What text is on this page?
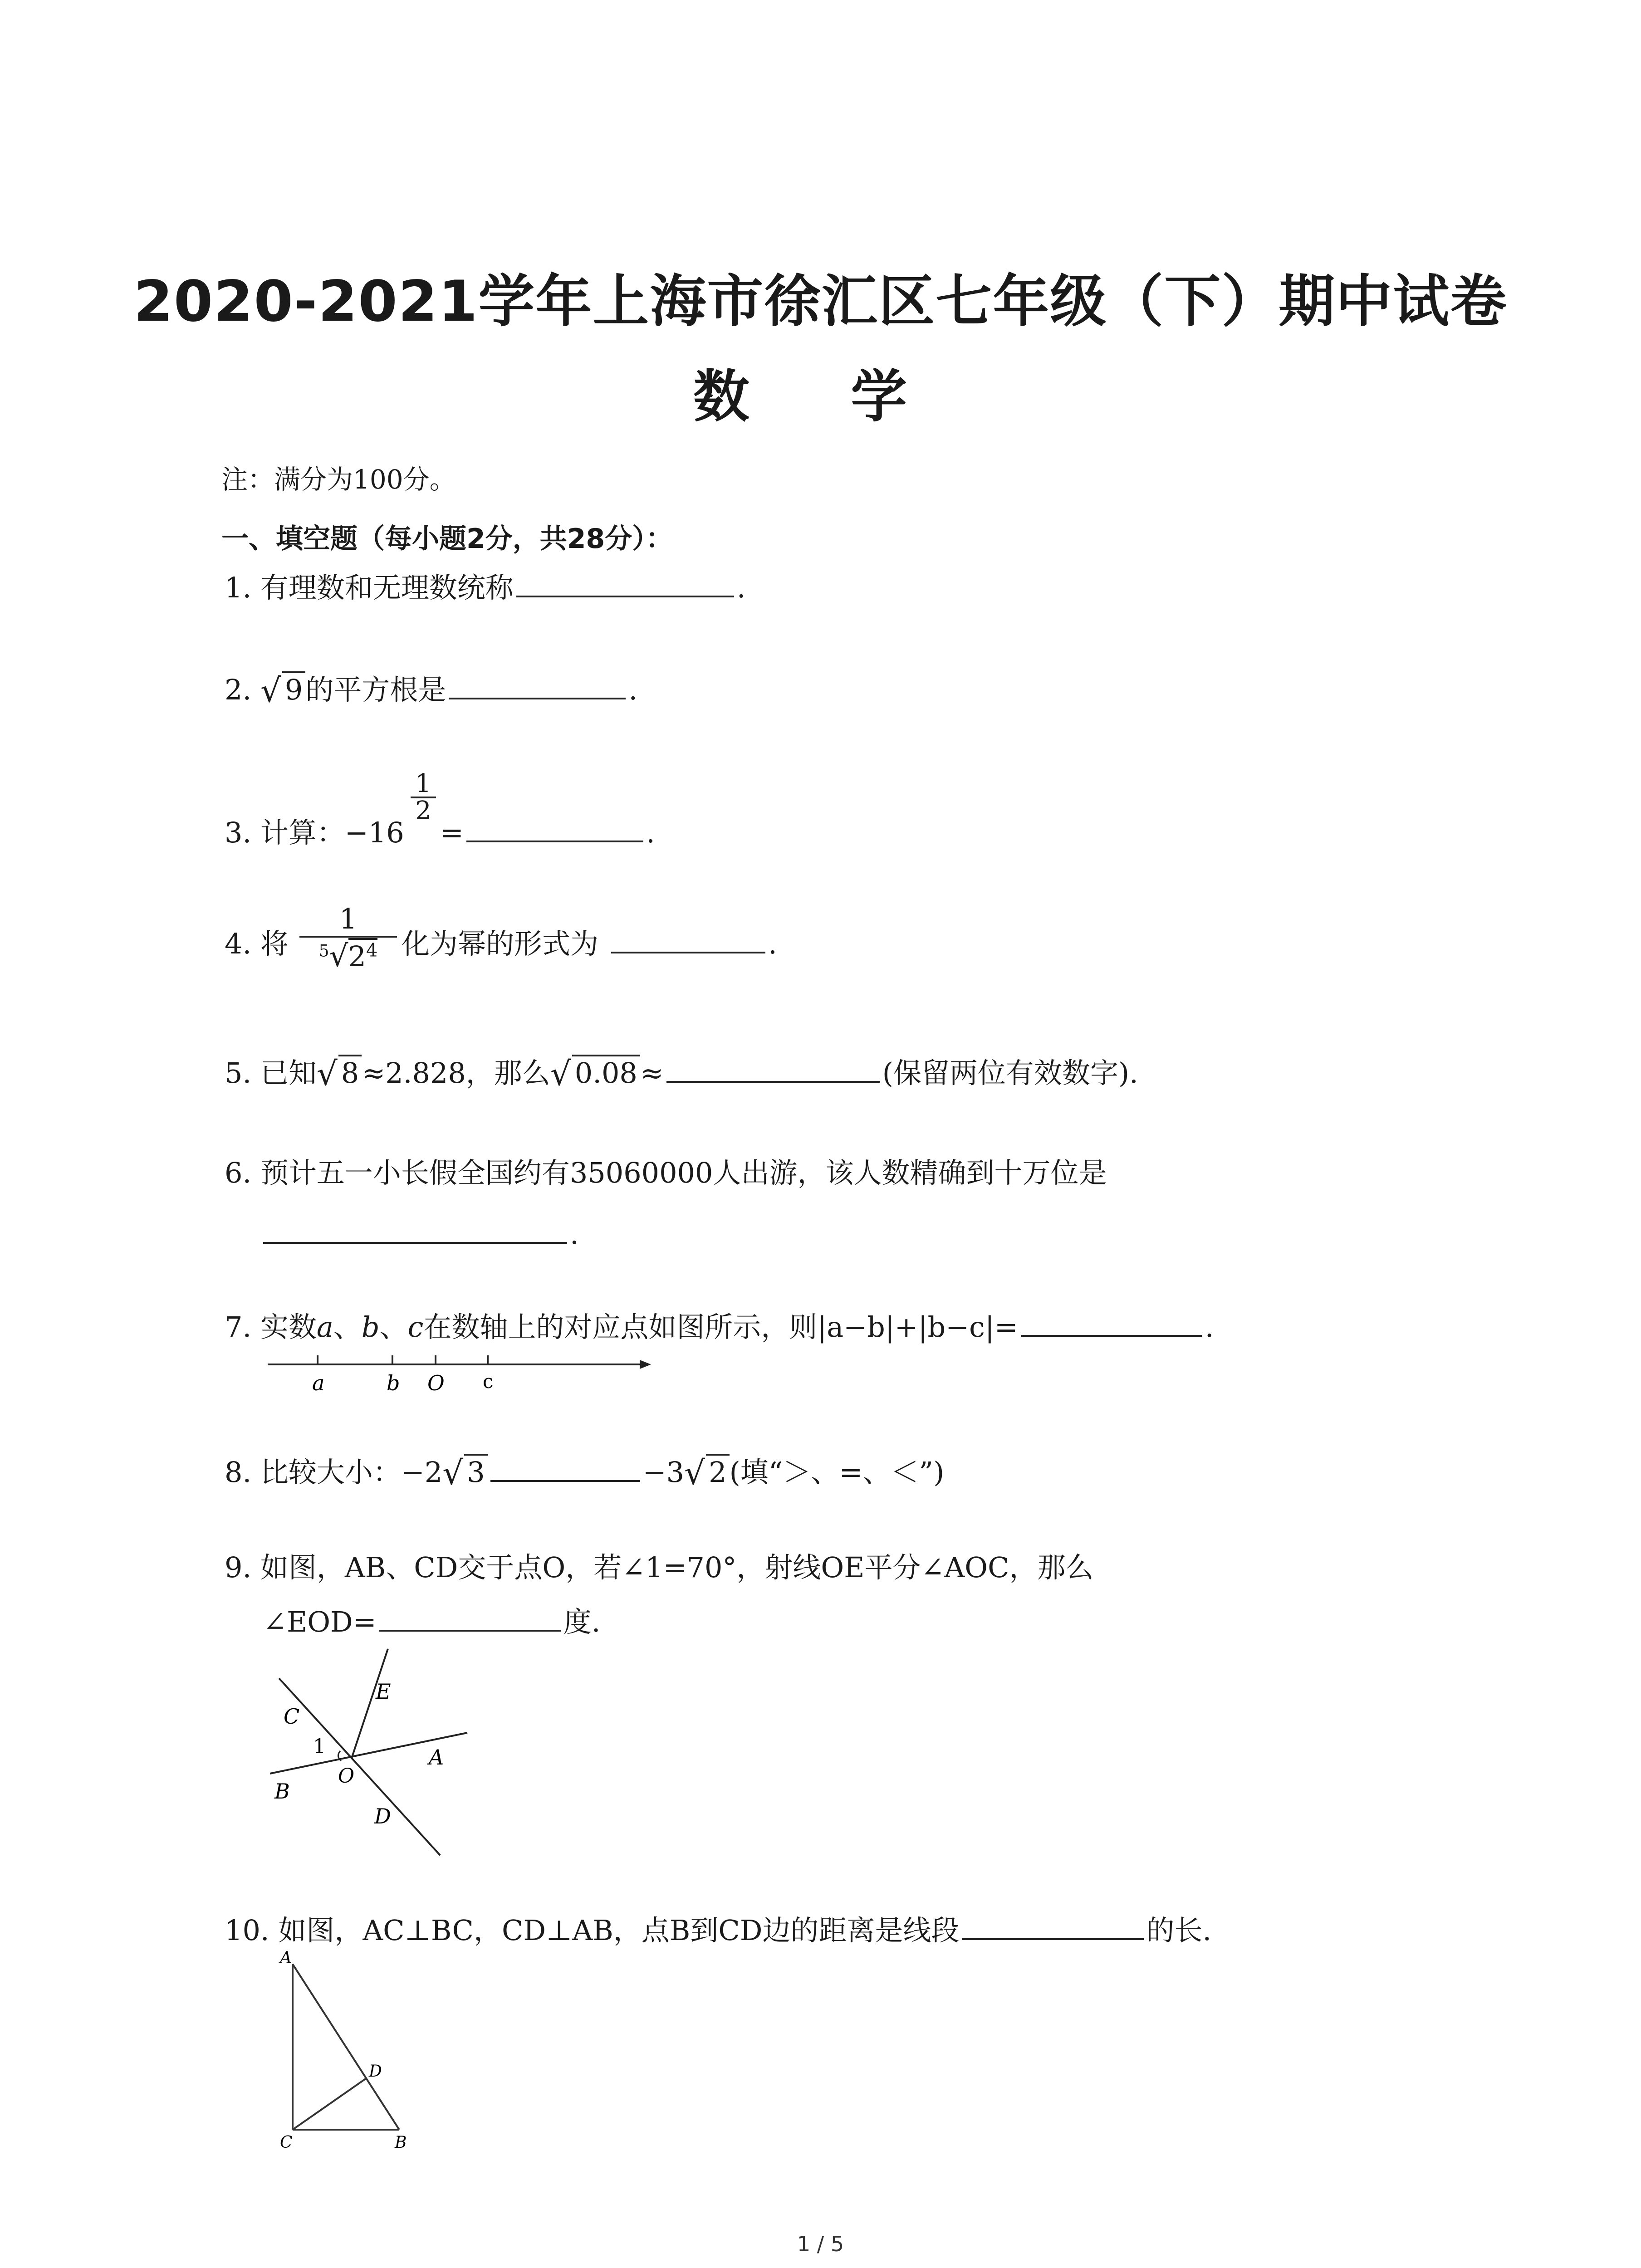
2020-2021学年上海市徐汇区七年级（下）期中试卷
数 学
注：满分为100分。
一、填空题（每小题2分，共28分）：
1. 有理数和无理数统称	.
2. √ 9的平方根是	.
3. 计算：−16
$\frac{1}{2}$
=	.
4. 将
1
$^5√2^4$ 化为幂的形式为	.
5. 已知 √ 8≈2.828，那么 √ 0.08≈	(保留两位有效数字).
6. 预计五一小长假全国约有35060000人出游，该人数精确到十万位是
.
7. 实数a、b、c在数轴上的对应点如图所示，则|a−b|+|b−c|=	.
a	b O c
8. 比较大小：−2 √ 3	−3 √ 2(填“＞、=、＜”)
9. 如图，AB、CD交于点O，若∠1=70°，射线OE平分∠AOC，那么
∠EOD=	度.
E
C
1
O
A
B
D
10. 如图，AC⊥BC，CD⊥AB，点B到CD边的距离是线段	的长.
A
D
C	B
1 / 5
